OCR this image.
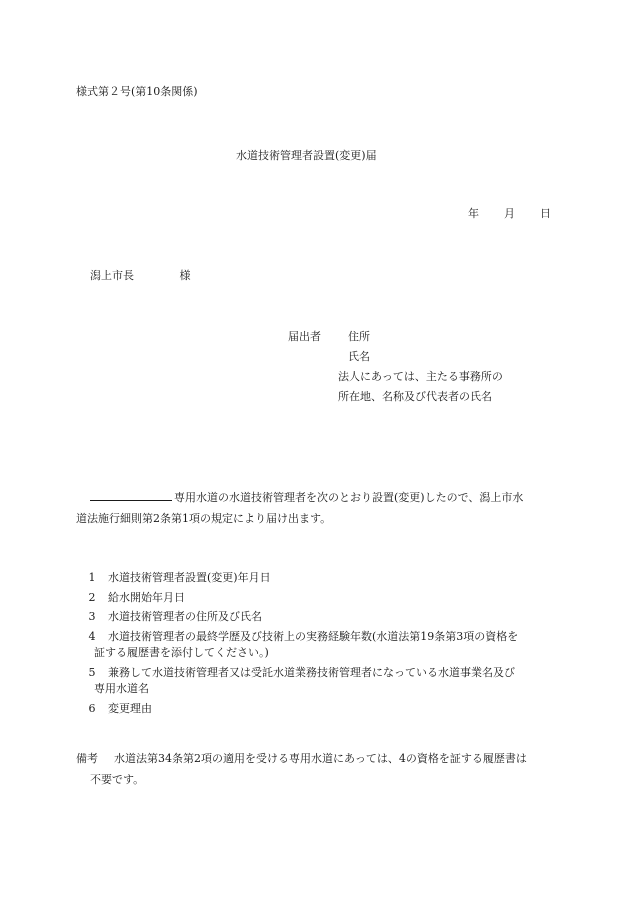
様式第２号(第10条関係)
水道技術管理者設置(変更)届
年 月 日
潟上市長	様
届出者 住所
氏名
法人にあっては、主たる事務所の
所在地、名称及び代表者の氏名
専用水道の水道技術管理者を次のとおり設置(変更)したので、潟上市水
道法施行細則第2条第1項の規定により届け出ます。
1 水道技術管理者設置(変更)年月日
2 給水開始年月日
3 水道技術管理者の住所及び氏名
4 水道技術管理者の最終学歴及び技術上の実務経験年数(水道法第19条第3項の資格を
証する履歴書を添付してください。)
5 兼務して水道技術管理者又は受託水道業務技術管理者になっている水道事業名及び
専用水道名
6 変更理由
備考 水道法第34条第2項の適用を受ける専用水道にあっては、4の資格を証する履歴書は
不要です。
